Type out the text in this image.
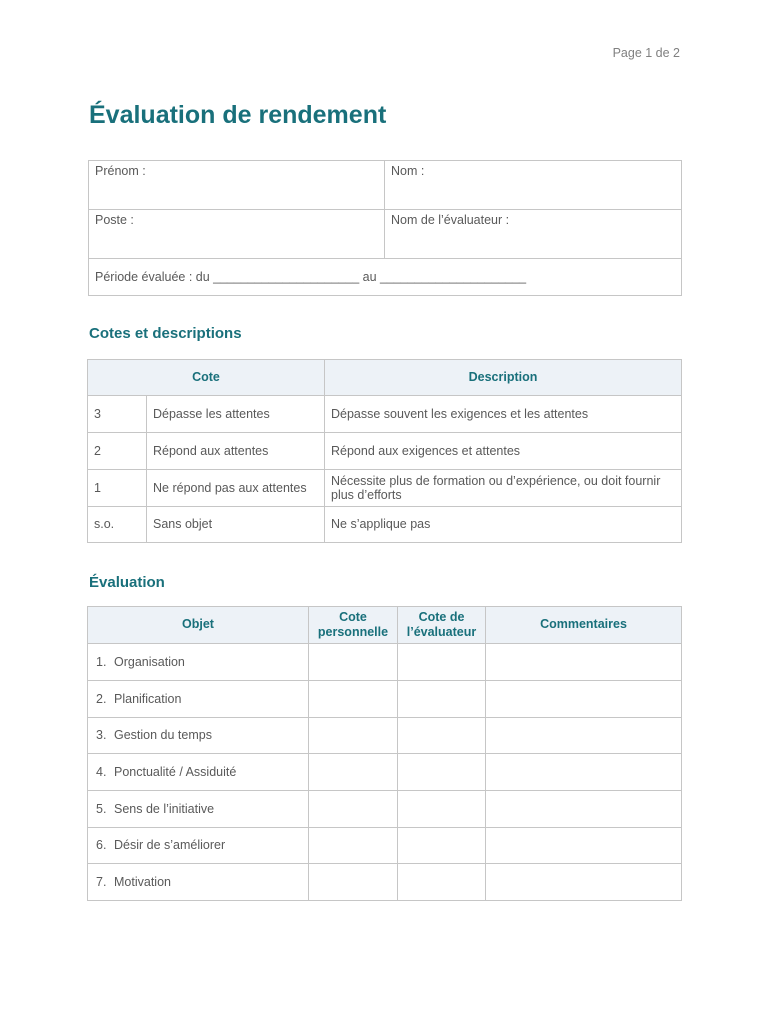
Page 1 de 2
Évaluation de rendement
Prénom :	Nom :
Poste :	Nom de l’évaluateur :
Période évaluée : du _____________________ au _____________________	
Cotes et descriptions
Cote		Description
3	Dépasse les attentes	Dépasse souvent les exigences et les attentes
2	Répond aux attentes	Répond aux exigences et attentes
1	Ne répond pas aux attentes	Nécessite plus de formation ou d’expérience, ou doit fournir plus d’efforts
s.o.	Sans objet	Ne s’applique pas
Évaluation
Objet	Cote personnelle	Cote de l’évaluateur	Commentaires
1. Organisation			
2. Planification			
3. Gestion du temps			
4. Ponctualité / Assiduité			
5. Sens de l’initiative			
6. Désir de s’améliorer			
7. Motivation			
